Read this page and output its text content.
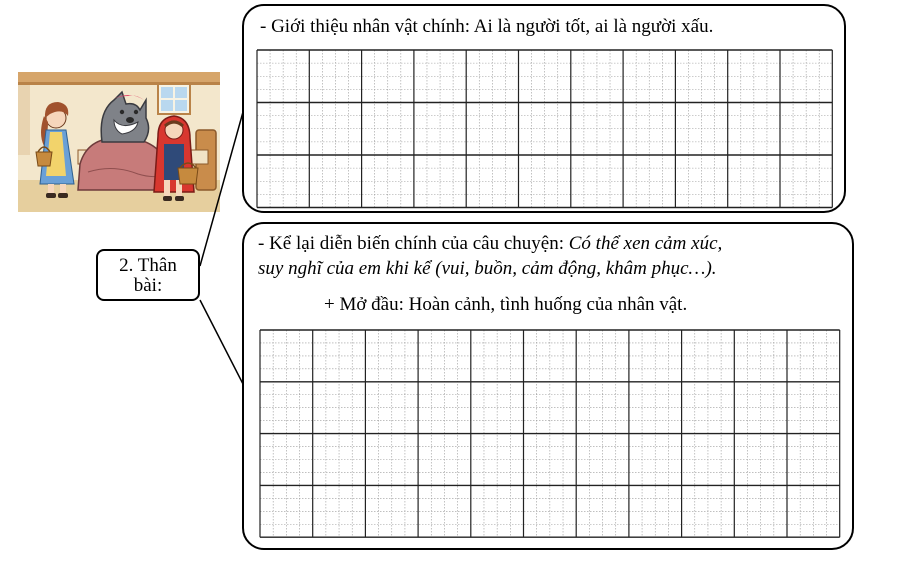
2. Thân
bài:
- Giới thiệu nhân vật chính: Ai là người tốt, ai là người xấu.
- Kể lại diễn biến chính của câu chuyện: Có thể xen cảm xúc,
suy nghĩ của em khi kể (vui, buồn, cảm động, khâm phục…).
+ Mở đầu: Hoàn cảnh, tình huống của nhân vật.
